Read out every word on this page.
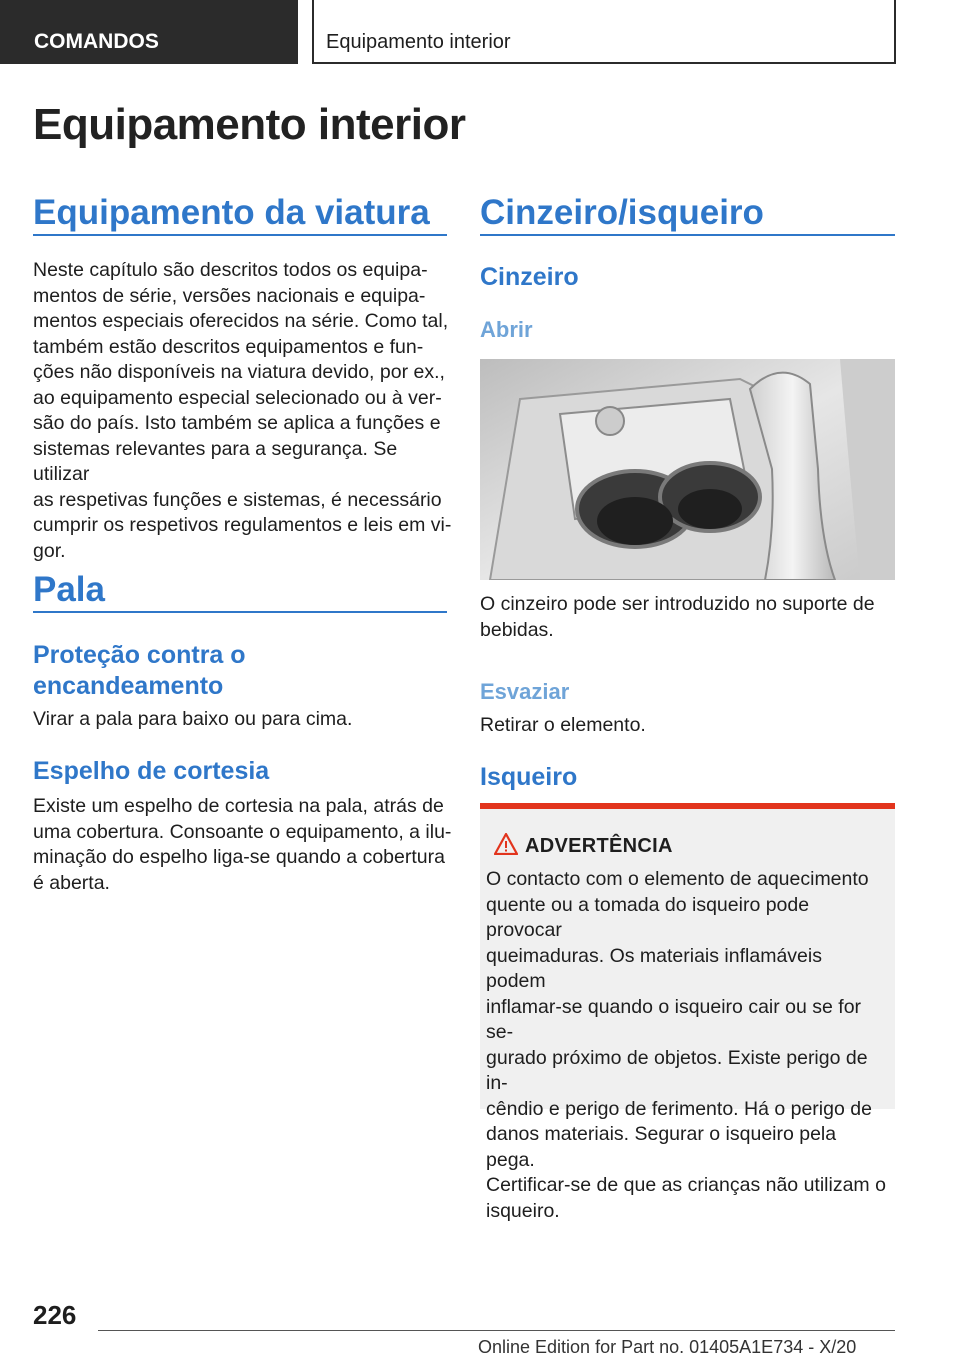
COMANDOS	Equipamento interior
Equipamento interior
Equipamento da viatura
Neste capítulo são descritos todos os equipa‐
mentos de série, versões nacionais e equipa‐
mentos especiais oferecidos na série. Como tal,
também estão descritos equipamentos e fun‐
ções não disponíveis na viatura devido, por ex.,
ao equipamento especial selecionado ou à ver‐
são do país. Isto também se aplica a funções e
sistemas relevantes para a segurança. Se utilizar
as respetivas funções e sistemas, é necessário
cumprir os respetivos regulamentos e leis em vi‐
gor.
Pala
Proteção contra o
encandeamento
Virar a pala para baixo ou para cima.
Espelho de cortesia
Existe um espelho de cortesia na pala, atrás de
uma cobertura. Consoante o equipamento, a ilu‐
minação do espelho liga-se quando a cobertura
é aberta.
Cinzeiro/isqueiro
Cinzeiro
Abrir
O cinzeiro pode ser introduzido no suporte de
bebidas.
Esvaziar
Retirar o elemento.
Isqueiro
ADVERTÊNCIA
O contacto com o elemento de aquecimento
quente ou a tomada do isqueiro pode provocar
queimaduras. Os materiais inflamáveis podem
inflamar-se quando o isqueiro cair ou se for se‐
gurado próximo de objetos. Existe perigo de in‐
cêndio e perigo de ferimento. Há o perigo de
danos materiais. Segurar o isqueiro pela pega.
Certificar-se de que as crianças não utilizam o
isqueiro.
226
Online Edition for Part no. 01405A1E734 - X/20
